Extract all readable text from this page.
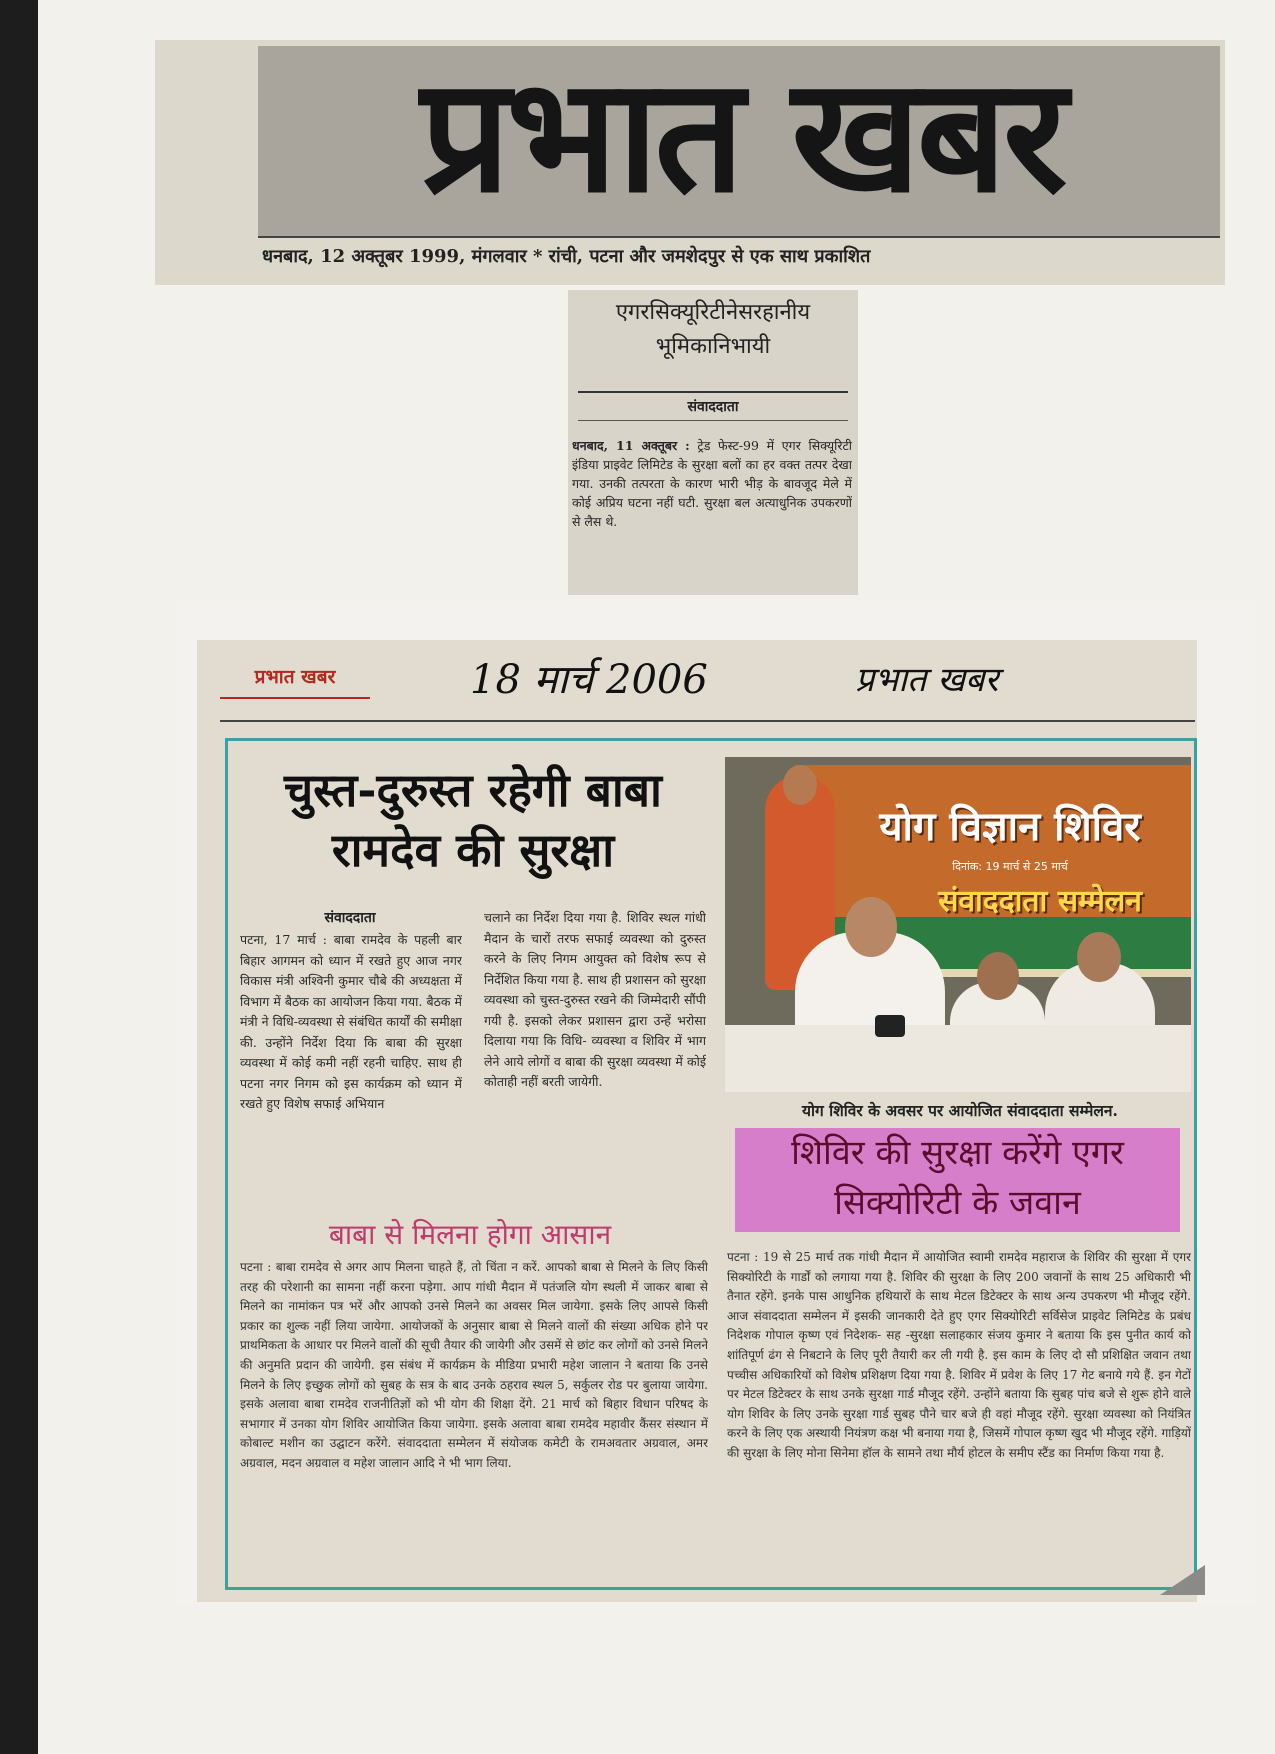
प्रभात खबर
धनबाद, 12 अक्तूबर 1999, मंगलवार * रांची, पटना और जमशेदपुर से एक साथ प्रकाशित
एगरसिक्यूरिटीनेसरहानीय भूमिकानिभायी
संवाददाता
धनबाद, 11 अक्तूबर : ट्रेड फेस्ट-99 में एगर सिक्यूरिटी इंडिया प्राइवेट लिमिटेड के सुरक्षा बलों का हर वक्त तत्पर देखा गया. उनकी तत्परता के कारण भारी भीड़ के बावजूद मेले में कोई अप्रिय घटना नहीं घटी. सुरक्षा बल अत्याधुनिक उपकरणों से लैस थे.
प्रभात खबर	18 मार्च 2006	प्रभात खबर
चुस्त-दुरुस्त रहेगी बाबा रामदेव की सुरक्षा
संवाददाता
पटना, 17 मार्च : बाबा रामदेव के पहली बार बिहार आगमन को ध्यान में रखते हुए आज नगर विकास मंत्री अश्विनी कुमार चौबे की अध्यक्षता में विभाग में बैठक का आयोजन किया गया. बैठक में मंत्री ने विधि-व्यवस्था से संबंधित कार्यों की समीक्षा की. उन्होंने निर्देश दिया कि बाबा की सुरक्षा व्यवस्था में कोई कमी नहीं रहनी चाहिए. साथ ही पटना नगर निगम को इस कार्यक्रम को ध्यान में रखते हुए विशेष सफाई अभियान
चलाने का निर्देश दिया गया है. शिविर स्थल गांधी मैदान के चारों तरफ सफाई व्यवस्था को दुरुस्त करने के लिए निगम आयुक्त को विशेष रूप से निर्देशित किया गया है. साथ ही प्रशासन को सुरक्षा व्यवस्था को चुस्त-दुरुस्त रखने की जिम्मेदारी सौंपी गयी है. इसको लेकर प्रशासन द्वारा उन्हें भरोसा दिलाया गया कि विधि- व्यवस्था व शिविर में भाग लेने आये लोगों व बाबा की सुरक्षा व्यवस्था में कोई कोताही नहीं बरती जायेगी.
बाबा से मिलना होगा आसान
पटना : बाबा रामदेव से अगर आप मिलना चाहते हैं, तो चिंता न करें. आपको बाबा से मिलने के लिए किसी तरह की परेशानी का सामना नहीं करना पड़ेगा. आप गांधी मैदान में पतंजलि योग स्थली में जाकर बाबा से मिलने का नामांकन पत्र भरें और आपको उनसे मिलने का अवसर मिल जायेगा. इसके लिए आपसे किसी प्रकार का शुल्क नहीं लिया जायेगा. आयोजकों के अनुसार बाबा से मिलने वालों की संख्या अधिक होने पर प्राथमिकता के आधार पर मिलने वालों की सूची तैयार की जायेगी और उसमें से छांट कर लोगों को उनसे मिलने की अनुमति प्रदान की जायेगी. इस संबंध में कार्यक्रम के मीडिया प्रभारी महेश जालान ने बताया कि उनसे मिलने के लिए इच्छुक लोगों को सुबह के सत्र के बाद उनके ठहराव स्थल 5, सर्कुलर रोड पर बुलाया जायेगा. इसके अलावा बाबा रामदेव राजनीतिज्ञों को भी योग की शिक्षा देंगे. 21 मार्च को बिहार विधान परिषद के सभागार में उनका योग शिविर आयोजित किया जायेगा. इसके अलावा बाबा रामदेव महावीर कैंसर संस्थान में कोबाल्ट मशीन का उद्घाटन करेंगे. संवाददाता सम्मेलन में संयोजक कमेटी के रामअवतार अग्रवाल, अमर अग्रवाल, मदन अग्रवाल व महेश जालान आदि ने भी भाग लिया.
योग विज्ञान शिविर
दिनांक: 19 मार्च से 25 मार्च
संवाददाता सम्मेलन
योग शिविर के अवसर पर आयोजित संवाददाता सम्मेलन.
शिविर की सुरक्षा करेंगे एगर सिक्योरिटी के जवान
पटना : 19 से 25 मार्च तक गांधी मैदान में आयोजित स्वामी रामदेव महाराज के शिविर की सुरक्षा में एगर सिक्योरिटी के गार्डों को लगाया गया है. शिविर की सुरक्षा के लिए 200 जवानों के साथ 25 अधिकारी भी तैनात रहेंगे. इनके पास आधुनिक हथियारों के साथ मेटल डिटेक्टर के साथ अन्य उपकरण भी मौजूद रहेंगे. आज संवाददाता सम्मेलन में इसकी जानकारी देते हुए एगर सिक्योरिटी सर्विसेज प्राइवेट लिमिटेड के प्रबंध निदेशक गोपाल कृष्ण एवं निदेशक- सह -सुरक्षा सलाहकार संजय कुमार ने बताया कि इस पुनीत कार्य को शांतिपूर्ण ढंग से निबटाने के लिए पूरी तैयारी कर ली गयी है. इस काम के लिए दो सौ प्रशिक्षित जवान तथा पच्चीस अधिकारियों को विशेष प्रशिक्षण दिया गया है. शिविर में प्रवेश के लिए 17 गेट बनाये गये हैं. इन गेटों पर मेटल डिटेक्टर के साथ उनके सुरक्षा गार्ड मौजूद रहेंगे. उन्होंने बताया कि सुबह पांच बजे से शुरू होने वाले योग शिविर के लिए उनके सुरक्षा गार्ड सुबह पौने चार बजे ही वहां मौजूद रहेंगे. सुरक्षा व्यवस्था को नियंत्रित करने के लिए एक अस्थायी नियंत्रण कक्ष भी बनाया गया है, जिसमें गोपाल कृष्ण खुद भी मौजूद रहेंगे. गाड़ियों की सुरक्षा के लिए मोना सिनेमा हॉल के सामने तथा मौर्य होटल के समीप स्टैंड का निर्माण किया गया है.
